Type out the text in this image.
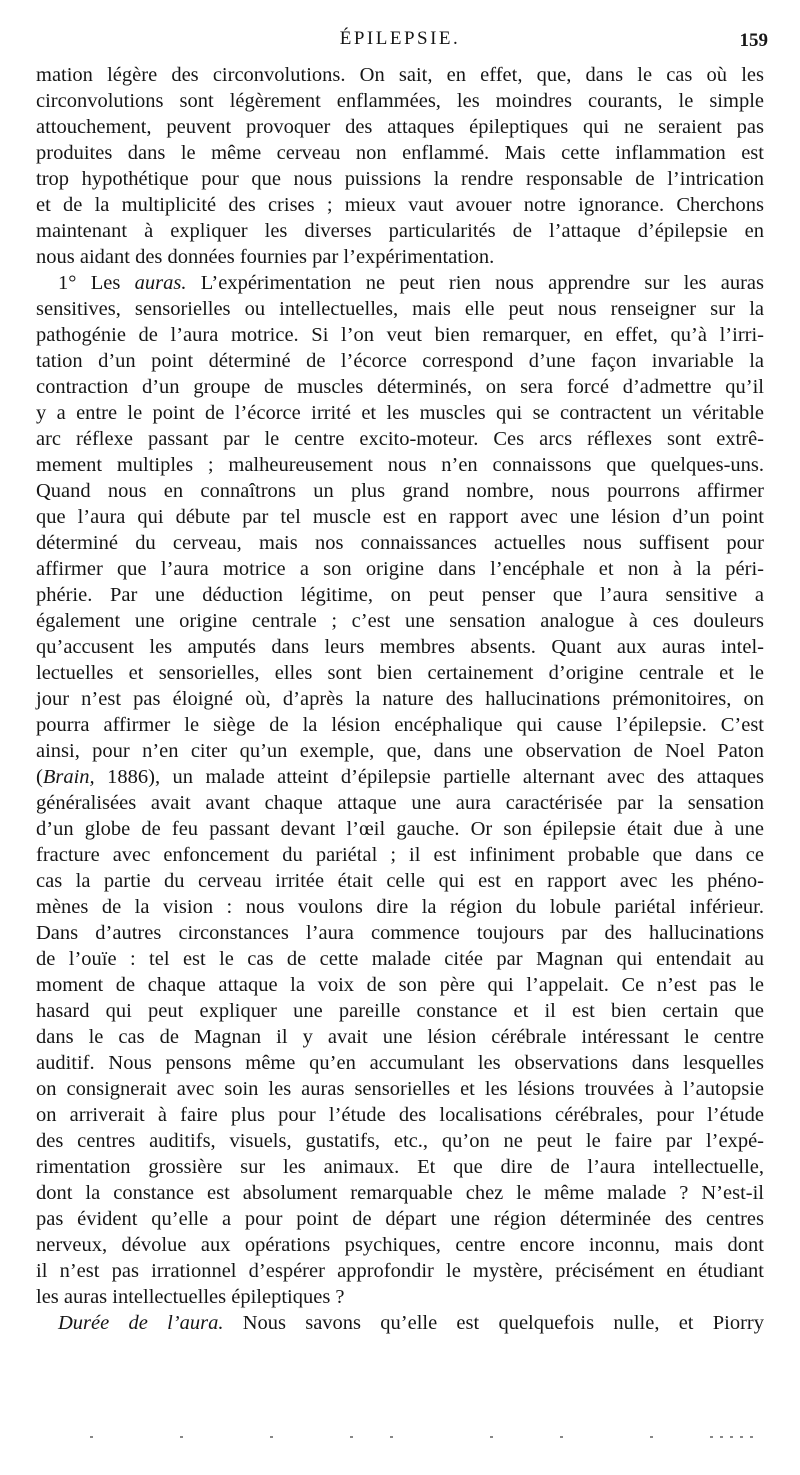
ÉPILEPSIE.	159
mation légère des circonvolutions. On sait, en effet, que, dans le cas où les
circonvolutions sont légèrement enflammées, les moindres courants, le simple
attouchement, peuvent provoquer des attaques épileptiques qui ne seraient pas
produites dans le même cerveau non enflammé. Mais cette inflammation est
trop hypothétique pour que nous puissions la rendre responsable de l’intrication
et de la multiplicité des crises ; mieux vaut avouer notre ignorance. Cherchons
maintenant à expliquer les diverses particularités de l’attaque d’épilepsie en
nous aidant des données fournies par l’expérimentation.
1° Les auras. L’expérimentation ne peut rien nous apprendre sur les auras
sensitives, sensorielles ou intellectuelles, mais elle peut nous renseigner sur la
pathogénie de l’aura motrice. Si l’on veut bien remarquer, en effet, qu’à l’irri-
tation d’un point déterminé de l’écorce correspond d’une façon invariable la
contraction d’un groupe de muscles déterminés, on sera forcé d’admettre qu’il
y a entre le point de l’écorce irrité et les muscles qui se contractent un véritable
arc réflexe passant par le centre excito-moteur. Ces arcs réflexes sont extrê-
mement multiples ; malheureusement nous n’en connaissons que quelques-uns.
Quand nous en connaîtrons un plus grand nombre, nous pourrons affirmer
que l’aura qui débute par tel muscle est en rapport avec une lésion d’un point
déterminé du cerveau, mais nos connaissances actuelles nous suffisent pour
affirmer que l’aura motrice a son origine dans l’encéphale et non à la péri-
phérie. Par une déduction légitime, on peut penser que l’aura sensitive a
également une origine centrale ; c’est une sensation analogue à ces douleurs
qu’accusent les amputés dans leurs membres absents. Quant aux auras intel-
lectuelles et sensorielles, elles sont bien certainement d’origine centrale et le
jour n’est pas éloigné où, d’après la nature des hallucinations prémonitoires, on
pourra affirmer le siège de la lésion encéphalique qui cause l’épilepsie. C’est
ainsi, pour n’en citer qu’un exemple, que, dans une observation de Noel Paton
(Brain, 1886), un malade atteint d’épilepsie partielle alternant avec des attaques
généralisées avait avant chaque attaque une aura caractérisée par la sensation
d’un globe de feu passant devant l’œil gauche. Or son épilepsie était due à une
fracture avec enfoncement du pariétal ; il est infiniment probable que dans ce
cas la partie du cerveau irritée était celle qui est en rapport avec les phéno-
mènes de la vision : nous voulons dire la région du lobule pariétal inférieur.
Dans d’autres circonstances l’aura commence toujours par des hallucinations
de l’ouïe : tel est le cas de cette malade citée par Magnan qui entendait au
moment de chaque attaque la voix de son père qui l’appelait. Ce n’est pas le
hasard qui peut expliquer une pareille constance et il est bien certain que
dans le cas de Magnan il y avait une lésion cérébrale intéressant le centre
auditif. Nous pensons même qu’en accumulant les observations dans lesquelles
on consignerait avec soin les auras sensorielles et les lésions trouvées à l’autopsie
on arriverait à faire plus pour l’étude des localisations cérébrales, pour l’étude
des centres auditifs, visuels, gustatifs, etc., qu’on ne peut le faire par l’expé-
rimentation grossière sur les animaux. Et que dire de l’aura intellectuelle,
dont la constance est absolument remarquable chez le même malade ? N’est-il
pas évident qu’elle a pour point de départ une région déterminée des centres
nerveux, dévolue aux opérations psychiques, centre encore inconnu, mais dont
il n’est pas irrationnel d’espérer approfondir le mystère, précisément en étudiant
les auras intellectuelles épileptiques ?
Durée de l’aura. Nous savons qu’elle est quelquefois nulle, et Piorry
